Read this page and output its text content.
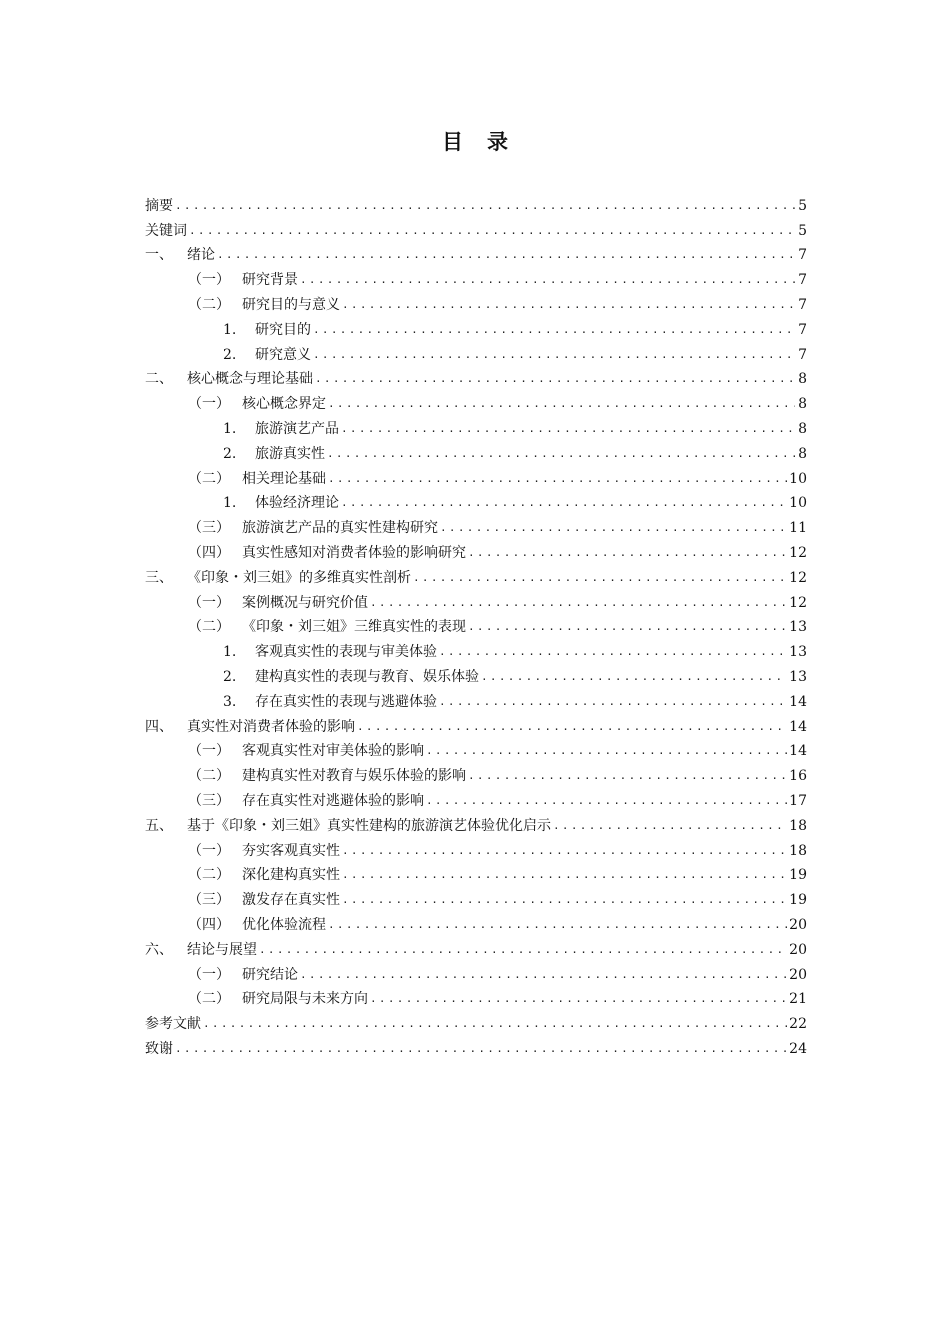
目 录
摘要 .....	5
关键词 .....	5
一、	绪论 .....	7
（一） 研究背景 .....	7
（二） 研究目的与意义 .....	7
1.	研究目的 .....	7
2.	研究意义 .....	7
二、	核心概念与理论基础 .....	8
（一） 核心概念界定 .....	8
1.	旅游演艺产品 .....	8
2.	旅游真实性 .....	8
（二） 相关理论基础 .....	10
1.	体验经济理论 .....	10
（三） 旅游演艺产品的真实性建构研究 .....	11
（四） 真实性感知对消费者体验的影响研究 .....	12
三、	《印象・刘三姐》的多维真实性剖析 .....	12
（一） 案例概况与研究价值 .....	12
（二） 《印象・刘三姐》三维真实性的表现 .....	13
1.	客观真实性的表现与审美体验 .....	13
2.	建构真实性的表现与教育、娱乐体验 .....	13
3.	存在真实性的表现与逃避体验 .....	14
四、	真实性对消费者体验的影响 .....	14
（一） 客观真实性对审美体验的影响 .....	14
（二） 建构真实性对教育与娱乐体验的影响 .....	16
（三） 存在真实性对逃避体验的影响 .....	17
五、	基于《印象・刘三姐》真实性建构的旅游演艺体验优化启示 .....	18
（一） 夯实客观真实性 .....	18
（二） 深化建构真实性 .....	19
（三） 激发存在真实性 .....	19
（四） 优化体验流程 .....	20
六、	结论与展望 .....	20
（一） 研究结论 .....	20
（二） 研究局限与未来方向 .....	21
参考文献 .....	22
致谢 .....	24
